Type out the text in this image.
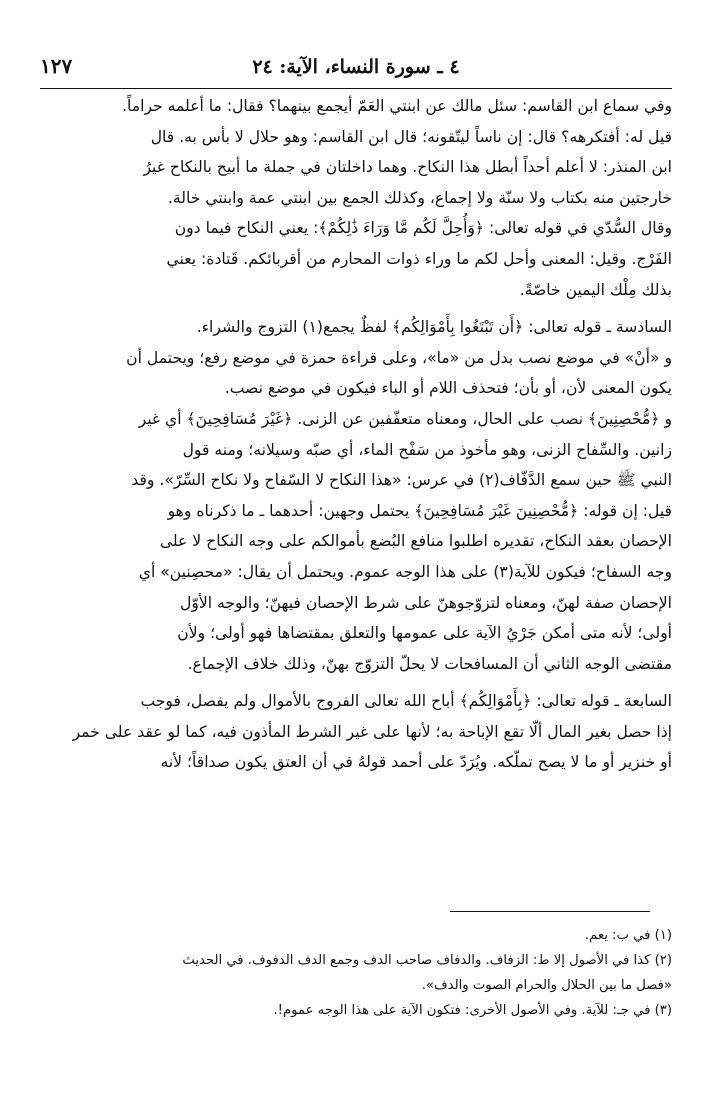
١٢٧	٤ ـ سورة النساء، الآية: ٢٤
وفي سماع ابن القاسم: سئل مالك عن ابنتي العَمّ أيجمع بينهما؟ فقال: ما أعلمه حراماً.
قيل له: أفتكرهه؟ قال: إن ناساً ليتّقونه؛ قال ابن القاسم: وهو حلال لا بأس به. قال
ابن المنذر: لا أعلم أحداً أبطل هذا النكاح. وهما داخلتان في جملة ما أبيح بالنكاح غيرُ
خارجتين منه بكتاب ولا سنّة ولا إجماع، وكذلك الجمع بين ابنتي عمة وابنتي خالة.
وقال السُّدّي في قوله تعالى: ﴿وَأُحِلَّ لَكُم مَّا وَرَاءَ ذَٰلِكُمْ﴾: يعني النكاح فيما دون
الفَرْج. وقيل: المعنى وأحل لكم ما وراء ذوات المحارم من أقربائكم. قَتادة: يعني
بذلك مِلْك اليمين خاصّةً.
السادسة ـ قوله تعالى: ﴿أَن تَبْتَغُوا بِأَمْوَالِكُم﴾ لفظٌ يجمع(١) التزوج والشراء.
و «أنْ» في موضع نصب بدل من «ما»، وعلى قراءة حمزة في موضع رفع؛ ويحتمل أن
يكون المعنى لأن، أو بأن؛ فتحذف اللام أو الباء فيكون في موضع نصب.
و ﴿مُّحْصِنِينَ﴾ نصب على الحال، ومعناه متعفّفين عن الزنى. ﴿غَيْرَ مُسَافِحِينَ﴾ أي غير
زانين. والسِّفاح الزنى، وهو مأخوذ من سَفْح الماء، أي صبّه وسيلانه؛ ومنه قول
النبي ﷺ حين سمع الدَّفّاف(٢) في عرس: «هذا النكاح لا السّفاح ولا نكاح السِّرّ». وقد
قيل: إن قوله: ﴿مُّحْصِنِينَ غَيْرَ مُسَافِحِينَ﴾ يحتمل وجهين: أحدهما ـ ما ذكرناه وهو
الإحصان بعقد النكاح، تقديره اطلبوا منافع البُضع بأموالكم على وجه النكاح لا على
وجه السفاح؛ فيكون للآية(٣) على هذا الوجه عموم. ويحتمل أن يقال: «محصِنين» أي
الإحصان صفة لهنّ، ومعناه لتزوّجوهنّ على شرط الإحصان فيهنّ؛ والوجه الأوّل
أولى؛ لأنه متى أمكن جَرْيُ الآية على عمومها والتعلق بمقتضاها فهو أولى؛ ولأن
مقتضى الوجه الثاني أن المسافحات لا يحلّ التزوّج بهنّ، وذلك خلاف الإجماع.
السابعة ـ قوله تعالى: ﴿بِأَمْوَالِكُم﴾ أباح الله تعالى الفروج بالأموال ولم يفصل، فوجب
إذا حصل بغير المال ألّا تقع الإباحة به؛ لأنها على غير الشرط المأذون فيه، كما لو عقد على خمر
أو خنزير أو ما لا يصح تملّكه. ويُرَدّ على أحمد قولهُ في أن العتق يكون صداقاً؛ لأنه
(١) في ب: يعم.
(٢) كذا في الأصول إلا ط: الزفاف. والدفاف صاحب الدف وجمع الدف الدفوف. في الحديث
«فصل ما بين الحلال والحرام الصوت والدف».
(٣) في جـ: للآية. وفي الأصول الأخرى: فتكون الآية على هذا الوجه عموم!.
